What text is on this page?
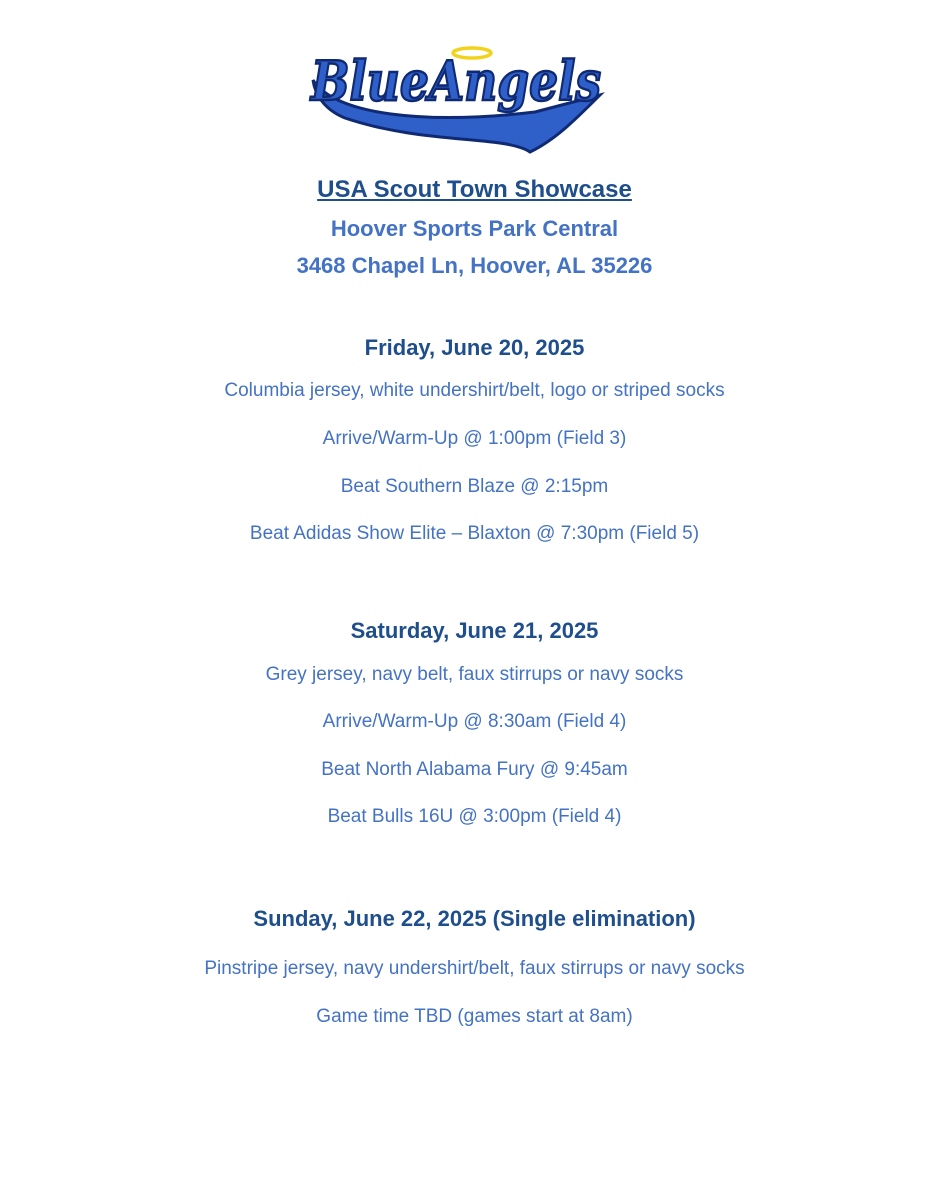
BlueAngels
USA Scout Town Showcase
Hoover Sports Park Central
3468 Chapel Ln, Hoover, AL 35226
Friday, June 20, 2025
Columbia jersey, white undershirt/belt, logo or striped socks
Arrive/Warm-Up @ 1:00pm (Field 3)
Beat Southern Blaze @ 2:15pm
Beat Adidas Show Elite – Blaxton @ 7:30pm (Field 5)
Saturday, June 21, 2025
Grey jersey, navy belt, faux stirrups or navy socks
Arrive/Warm-Up @ 8:30am (Field 4)
Beat North Alabama Fury @ 9:45am
Beat Bulls 16U @ 3:00pm (Field 4)
Sunday, June 22, 2025 (Single elimination)
Pinstripe jersey, navy undershirt/belt, faux stirrups or navy socks
Game time TBD (games start at 8am)
